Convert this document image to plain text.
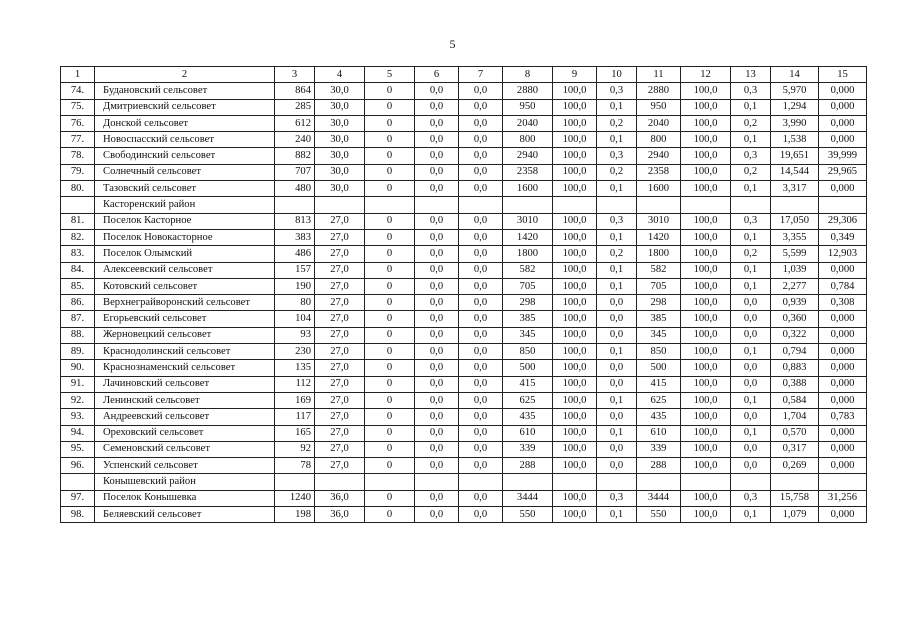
5
1	2	3	4	5	6	7	8	9	10	11	12	13	14	15
74.	Будановский сельсовет	864	30,0	0	0,0	0,0	2880	100,0	0,3	2880	100,0	0,3	5,970	0,000
75.	Дмитриевский сельсовет	285	30,0	0	0,0	0,0	950	100,0	0,1	950	100,0	0,1	1,294	0,000
76.	Донской сельсовет	612	30,0	0	0,0	0,0	2040	100,0	0,2	2040	100,0	0,2	3,990	0,000
77.	Новоспасский сельсовет	240	30,0	0	0,0	0,0	800	100,0	0,1	800	100,0	0,1	1,538	0,000
78.	Свободинский сельсовет	882	30,0	0	0,0	0,0	2940	100,0	0,3	2940	100,0	0,3	19,651	39,999
79.	Солнечный сельсовет	707	30,0	0	0,0	0,0	2358	100,0	0,2	2358	100,0	0,2	14,544	29,965
80.	Тазовский сельсовет	480	30,0	0	0,0	0,0	1600	100,0	0,1	1600	100,0	0,1	3,317	0,000
	Касторенский район													
81.	Поселок Касторное	813	27,0	0	0,0	0,0	3010	100,0	0,3	3010	100,0	0,3	17,050	29,306
82.	Поселок Новокасторное	383	27,0	0	0,0	0,0	1420	100,0	0,1	1420	100,0	0,1	3,355	0,349
83.	Поселок Олымский	486	27,0	0	0,0	0,0	1800	100,0	0,2	1800	100,0	0,2	5,599	12,903
84.	Алексеевский сельсовет	157	27,0	0	0,0	0,0	582	100,0	0,1	582	100,0	0,1	1,039	0,000
85.	Котовский сельсовет	190	27,0	0	0,0	0,0	705	100,0	0,1	705	100,0	0,1	2,277	0,784
86.	Верхнеграйворонский сельсовет	80	27,0	0	0,0	0,0	298	100,0	0,0	298	100,0	0,0	0,939	0,308
87.	Егорьевский сельсовет	104	27,0	0	0,0	0,0	385	100,0	0,0	385	100,0	0,0	0,360	0,000
88.	Жерновецкий сельсовет	93	27,0	0	0,0	0,0	345	100,0	0,0	345	100,0	0,0	0,322	0,000
89.	Краснодолинский сельсовет	230	27,0	0	0,0	0,0	850	100,0	0,1	850	100,0	0,1	0,794	0,000
90.	Краснознаменский сельсовет	135	27,0	0	0,0	0,0	500	100,0	0,0	500	100,0	0,0	0,883	0,000
91.	Лачиновский сельсовет	112	27,0	0	0,0	0,0	415	100,0	0,0	415	100,0	0,0	0,388	0,000
92.	Ленинский сельсовет	169	27,0	0	0,0	0,0	625	100,0	0,1	625	100,0	0,1	0,584	0,000
93.	Андреевский сельсовет	117	27,0	0	0,0	0,0	435	100,0	0,0	435	100,0	0,0	1,704	0,783
94.	Ореховский сельсовет	165	27,0	0	0,0	0,0	610	100,0	0,1	610	100,0	0,1	0,570	0,000
95.	Семеновский сельсовет	92	27,0	0	0,0	0,0	339	100,0	0,0	339	100,0	0,0	0,317	0,000
96.	Успенский сельсовет	78	27,0	0	0,0	0,0	288	100,0	0,0	288	100,0	0,0	0,269	0,000
	Конышевский район													
97.	Поселок Конышевка	1240	36,0	0	0,0	0,0	3444	100,0	0,3	3444	100,0	0,3	15,758	31,256
98.	Беляевский сельсовет	198	36,0	0	0,0	0,0	550	100,0	0,1	550	100,0	0,1	1,079	0,000
